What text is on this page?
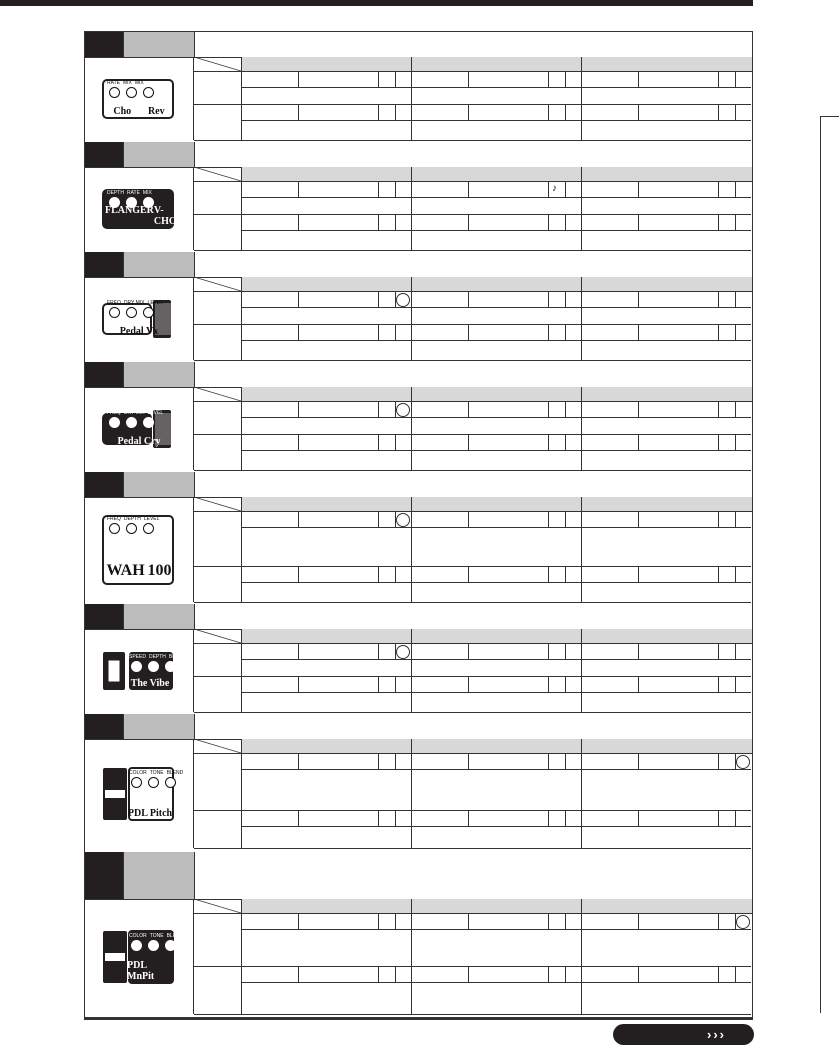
RATE MIX MIX
Cho Rev
DEPTH RATE MIX
FLANGER V-CHO
♪
FREQ DRY MIX LEVEL
Pedal Vx
FREQ DRY MIX LEVEL
Pedal Cry
FREQ DEPTH LEVEL
WAH 100
SPEED DEPTH BIAS
The Vibe
COLOR TONE BLEND
PDL Pitch
COLOR TONE BLEND
PDL MnPit
›››
